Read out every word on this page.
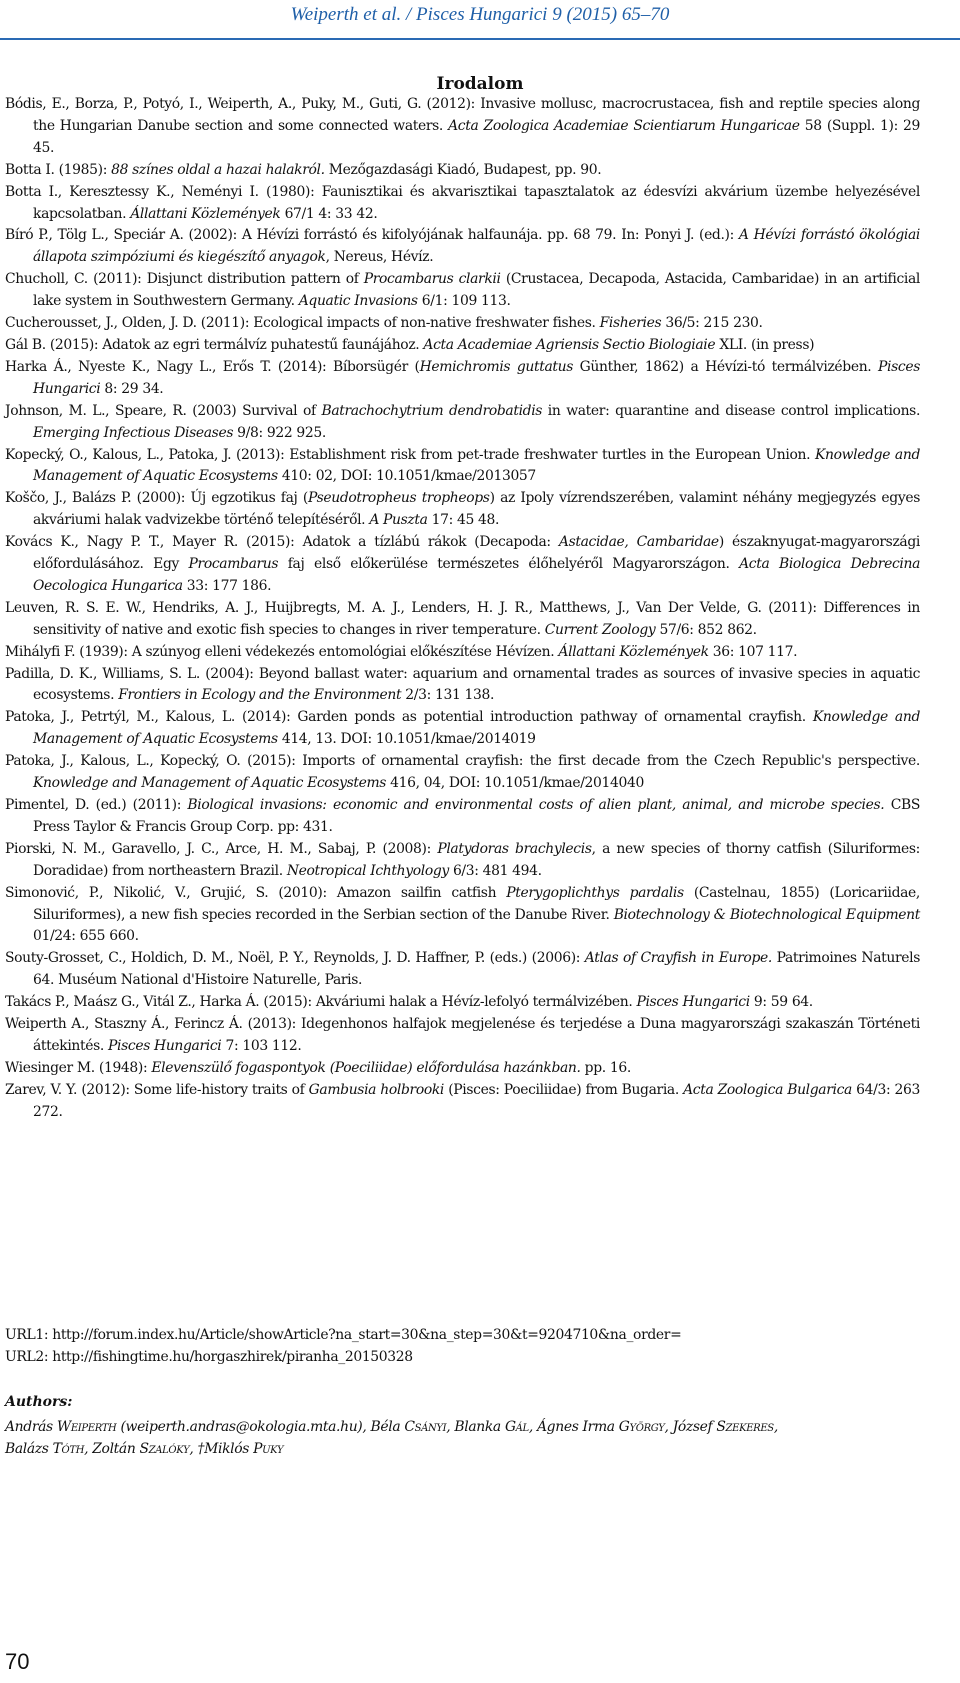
Weiperth et al. / Pisces Hungarici 9 (2015) 65–70
Irodalom

Bódis, E., Borza, P., Potyó, I., Weiperth, A., Puky, M., Guti, G. (2012): Invasive mollusc, macrocrustacea, fish and reptile species along the Hungarian Danube section and some connected waters. Acta Zoologica Academiae Scientiarum Hungaricae 58 (Suppl. 1): 29 45.

Botta I. (1985): 88 színes oldal a hazai halakról. Mezőgazdasági Kiadó, Budapest, pp. 90.

Botta I., Keresztessy K., Neményi I. (1980): Faunisztikai és akvarisztikai tapasztalatok az édesvízi akvárium üzembe helyezésével kapcsolatban. Állattani Közlemények 67/1 4: 33 42.

Bíró P., Tölg L., Speciár A. (2002): A Hévízi forrástó és kifolyójának halfaunája. pp. 68 79. In: Ponyi J. (ed.): A Hévízi forrástó ökológiai állapota szimpóziumi és kiegészítő anyagok, Nereus, Hévíz.

Chucholl, C. (2011): Disjunct distribution pattern of Procambarus clarkii (Crustacea, Decapoda, Astacida, Cambaridae) in an artificial lake system in Southwestern Germany. Aquatic Invasions 6/1: 109 113.

Cucherousset, J., Olden, J. D. (2011): Ecological impacts of non-native freshwater fishes. Fisheries 36/5: 215 230.

Gál B. (2015): Adatok az egri termálvíz puhatestű faunájához. Acta Academiae Agriensis Sectio Biologiaie XLI. (in press)

Harka Á., Nyeste K., Nagy L., Erős T. (2014): Bíborsügér (Hemichromis guttatus Günther, 1862) a Hévízi-tó termálvizében. Pisces Hungarici 8: 29 34.

Johnson, M. L., Speare, R. (2003) Survival of Batrachochytrium dendrobatidis in water: quarantine and disease control implications. Emerging Infectious Diseases 9/8: 922 925.

Kopecký, O., Kalous, L., Patoka, J. (2013): Establishment risk from pet-trade freshwater turtles in the European Union. Knowledge and Management of Aquatic Ecosystems 410: 02, DOI: 10.1051/kmae/2013057

Koščo, J., Balázs P. (2000): Új egzotikus faj (Pseudotropheus tropheops) az Ipoly vízrendszerében, valamint néhány megjegyzés egyes akváriumi halak vadvizekbe történő telepítéséről. A Puszta 17: 45 48.

Kovács K., Nagy P. T., Mayer R. (2015): Adatok a tízlábú rákok (Decapoda: Astacidae, Cambaridae) északnyugat-magyarországi előfordulásához. Egy Procambarus faj első előkerülése természetes élőhelyéről Magyarországon. Acta Biologica Debrecina Oecologica Hungarica 33: 177 186.

Leuven, R. S. E. W., Hendriks, A. J., Huijbregts, M. A. J., Lenders, H. J. R., Matthews, J., Van Der Velde, G. (2011): Differences in sensitivity of native and exotic fish species to changes in river temperature. Current Zoology 57/6: 852 862.

Mihályfi F. (1939): A szúnyog elleni védekezés entomológiai előkészítése Hévízen. Állattani Közlemények 36: 107 117.

Padilla, D. K., Williams, S. L. (2004): Beyond ballast water: aquarium and ornamental trades as sources of invasive species in aquatic ecosystems. Frontiers in Ecology and the Environment 2/3: 131 138.

Patoka, J., Petrtýl, M., Kalous, L. (2014): Garden ponds as potential introduction pathway of ornamental crayfish. Knowledge and Management of Aquatic Ecosystems 414, 13. DOI: 10.1051/kmae/2014019

Patoka, J., Kalous, L., Kopecký, O. (2015): Imports of ornamental crayfish: the first decade from the Czech Republic's perspective. Knowledge and Management of Aquatic Ecosystems 416, 04, DOI: 10.1051/kmae/2014040

Pimentel, D. (ed.) (2011): Biological invasions: economic and environmental costs of alien plant, animal, and microbe species. CBS Press Taylor & Francis Group Corp. pp: 431.

Piorski, N. M., Garavello, J. C., Arce, H. M., Sabaj, P. (2008): Platydoras brachylecis, a new species of thorny catfish (Siluriformes: Doradidae) from northeastern Brazil. Neotropical Ichthyology 6/3: 481 494.

Simonović, P., Nikolić, V., Grujić, S. (2010): Amazon sailfin catfish Pterygoplichthys pardalis (Castelnau, 1855) (Loricariidae, Siluriformes), a new fish species recorded in the Serbian section of the Danube River. Biotechnology & Biotechnological Equipment 01/24: 655 660.

Souty-Grosset, C., Holdich, D. M., Noël, P. Y., Reynolds, J. D. Haffner, P. (eds.) (2006): Atlas of Crayfish in Europe. Patrimoines Naturels 64. Muséum National d'Histoire Naturelle, Paris.

Takács P., Maász G., Vitál Z., Harka Á. (2015): Akváriumi halak a Hévíz-lefolyó termálvizében. Pisces Hungarici 9: 59 64.

Weiperth A., Staszny Á., Ferincz Á. (2013): Idegenhonos halfajok megjelenése és terjedése a Duna magyarországi szakaszán Történeti áttekintés. Pisces Hungarici 7: 103 112.

Wiesinger M. (1948): Elevenszülő fogaspontyok (Poeciliidae) előfordulása hazánkban. pp. 16.

Zarev, V. Y. (2012): Some life-history traits of Gambusia holbrooki (Pisces: Poeciliidae) from Bugaria. Acta Zoologica Bulgarica 64/3: 263 272.

URL1: http://forum.index.hu/Article/showArticle?na_start=30&na_step=30&t=9204710&na_order=
URL2: http://fishingtime.hu/horgaszhirek/piranha_20150328
Authors:
András Weiperth (weiperth.andras@okologia.mta.hu), Béla Csányi, Blanka Gál, Ágnes Irma György, József Szekeres,
Balázs Tóth, Zoltán Szalóky, †Miklós Puky
70
